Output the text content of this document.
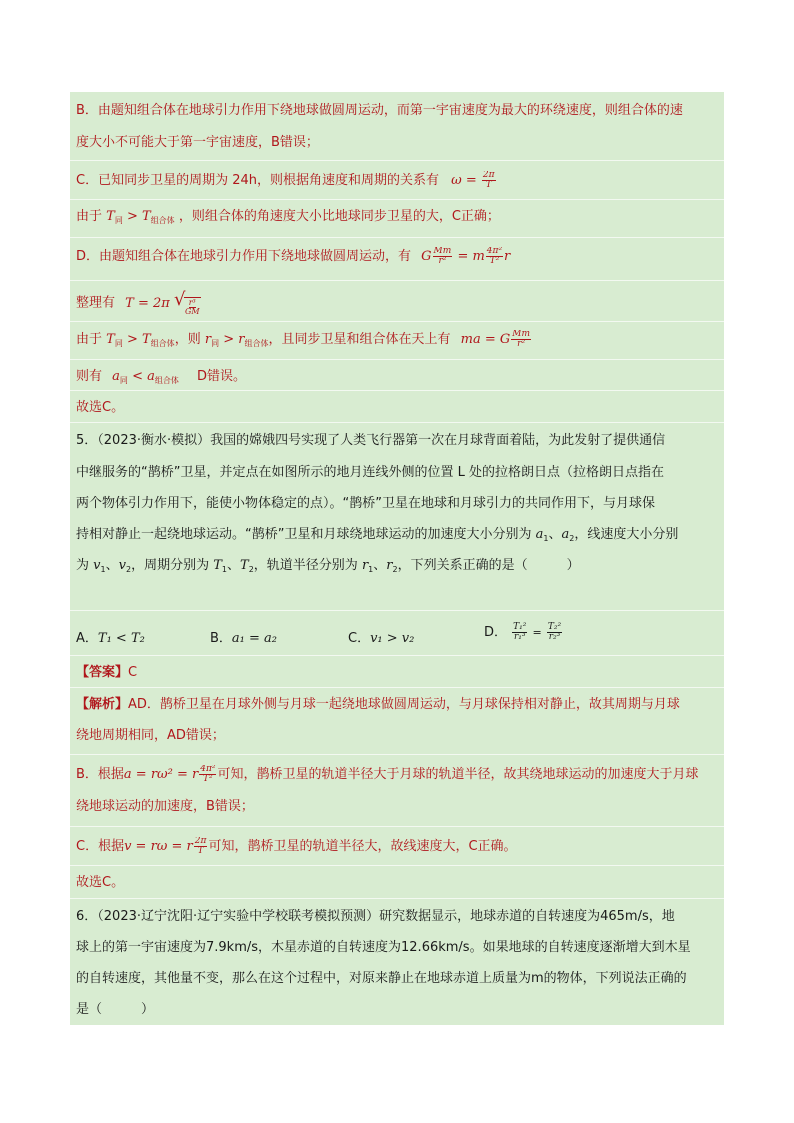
B．由题知组合体在地球引力作用下绕地球做圆周运动，而第一宇宙速度为最大的环绕速度，则组合体的速
度大小不可能大于第一宇宙速度，B错误；
C．已知同步卫星的周期为 24h，则根据角速度和周期的关系有 $\omega = \frac{2\pi}{T}$
由于 $T_同 > T_{组合体}$ ，则组合体的角速度大小比地球同步卫星的大，C正确；
D．由题知组合体在地球引力作用下绕地球做圆周运动，有 G $\frac{Mm}{\text{r²}} = m \frac{\text{4π²}}{\text{T²}}$ r
整理有 T = 2π √
$\frac{\text{r³}}{GM}$
由于 $T_同 > T_{组合体}$，则 $r_同 > r_{组合体}$，且同步卫星和组合体在天上有 ma = G $\frac{Mm}{\text{r²}}$
则有 $a_同 < a_{组合体}$ D错误。
故选C。
5．（2023·衡水·模拟）我国的嫦娥四号实现了人类飞行器第一次在月球背面着陆，为此发射了提供通信
中继服务的“鹊桥”卫星，并定点在如图所示的地月连线外侧的位置 L 处的拉格朗日点（拉格朗日点指在
两个物体引力作用下，能使小物体稳定的点）。“鹊桥”卫星在地球和月球引力的共同作用下，与月球保
持相对静止一起绕地球运动。“鹊桥”卫星和月球绕地球运动的加速度大小分别为 $a_1$、$a_2$，线速度大小分别
为 $v_1$、$v_2$，周期分别为 $T_1$、$T_2$，轨道半径分别为 $r_1$、$r_2$，下列关系正确的是（　　　）
A．T₁ < T₂	B．a₁ = a₂	C．v₁ > v₂	D． $\frac{\text{T₁²}}{\text{r₁³}} = \frac{\text{T₂²}}{\text{r₂³}}$
【答案】C
【解析】AD．鹊桥卫星在月球外侧与月球一起绕地球做圆周运动，与月球保持相对静止，故其周期与月球
绕地周期相同，AD错误；
B．根据a = rω² = r $\frac{\text{4π²}}{\text{T²}}$ 可知，鹊桥卫星的轨道半径大于月球的轨道半径，故其绕地球运动的加速度大于月球
绕地球运动的加速度，B错误；
C．根据v = rω = r $\frac{2\pi}{T}$ 可知，鹊桥卫星的轨道半径大，故线速度大，C正确。
故选C。
6．（2023·辽宁沈阳·辽宁实验中学校联考模拟预测）研究数据显示，地球赤道的自转速度为465m/s，地
球上的第一宇宙速度为7.9km/s，木星赤道的自转速度为12.66km/s。如果地球的自转速度逐渐增大到木星
的自转速度，其他量不变，那么在这个过程中，对原来静止在地球赤道上质量为m的物体，下列说法正确的
是（　　　）
